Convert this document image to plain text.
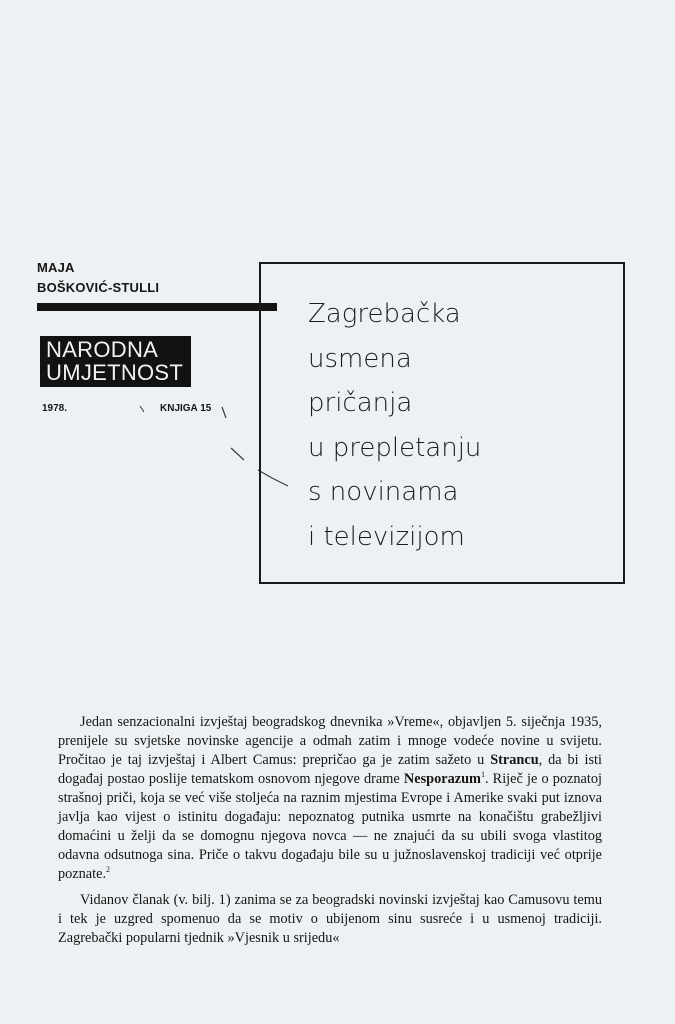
MAJA
BOŠKOVIĆ-STULLI
NARODNA
UMJETNOST
1978.	KNJIGA 15
Zagrebačka
usmena
pričanja
u prepletanju
s novinama
i televizijom

Jedan senzacionalni izvještaj beogradskog dnevnika »Vreme«, objavljen 5. siječnja 1935, prenijele su svjetske novinske agencije a odmah zatim i mnoge vodeće novine u svijetu. Pročitao je taj izvještaj i Albert Camus: prepričao ga je zatim sažeto u Strancu, da bi isti događaj postao poslije tematskom osnovom njegove drame Nesporazum$^1$. Riječ je o poznatoj strašnoj priči, koja se već više stoljeća na raznim mjestima Evrope i Amerike svaki put iznova javlja kao vijest o istinitu događaju: nepoznatog putnika usmrte na konačištu grabežljivi domaćini u želji da se domognu njegova novca — ne znajući da su ubili svoga vlastitog odavna odsutnoga sina. Priče o takvu događaju bile su u južnoslavenskoj tradiciji već otprije poznate.$^2$

Vidanov članak (v. bilj. 1) zanima se za beogradski novinski izvještaj kao Camusovu temu i tek je uzgred spomenuo da se motiv o ubijenom sinu susreće i u usmenoj tradiciji. Zagrebački popularni tjednik »Vjesnik u srijedu«
